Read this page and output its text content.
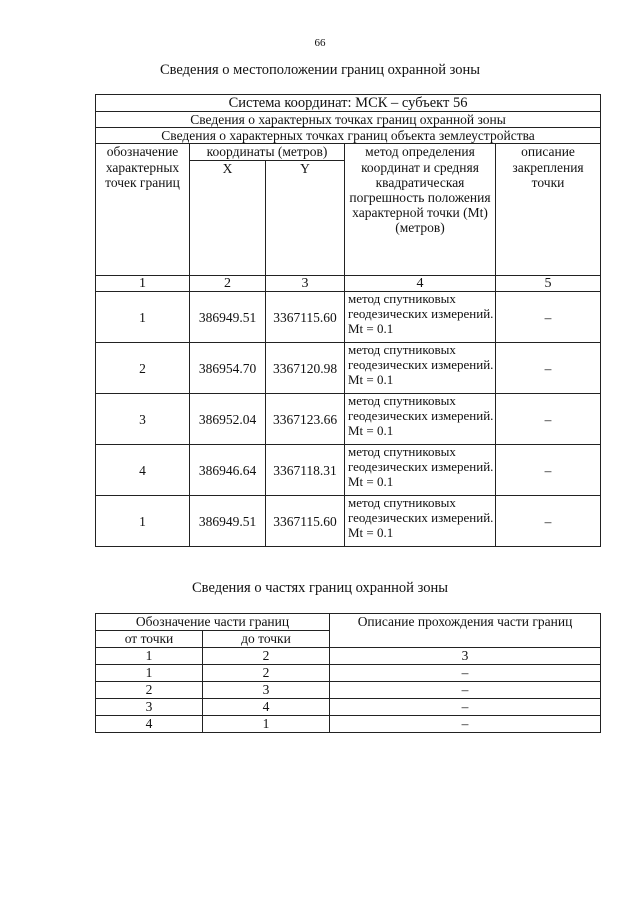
66
Сведения о местоположении границ охранной зоны
Система координат: МСК – субъект 56				
Сведения о характерных точках границ охранной зоны				
Сведения о характерных точках границ объекта землеустройства				
обозначение характерных точек границ	координаты (метров)		метод определения координат и средняя квадратическая погрешность положения характерной точки (Mt) (метров)	описание закрепления точки
	X	Y		
1	2	3	4	5
1	386949.51	3367115.60	метод спутниковых геодезических измерений. Mt = 0.1	–
2	386954.70	3367120.98	метод спутниковых геодезических измерений. Mt = 0.1	–
3	386952.04	3367123.66	метод спутниковых геодезических измерений. Mt = 0.1	–
4	386946.64	3367118.31	метод спутниковых геодезических измерений. Mt = 0.1	–
1	386949.51	3367115.60	метод спутниковых геодезических измерений. Mt = 0.1	–
Сведения о частях границ охранной зоны
Обозначение части границ		Описание прохождения части границ
от точки	до точки	
1	2	3
1	2	–
2	3	–
3	4	–
4	1	–
